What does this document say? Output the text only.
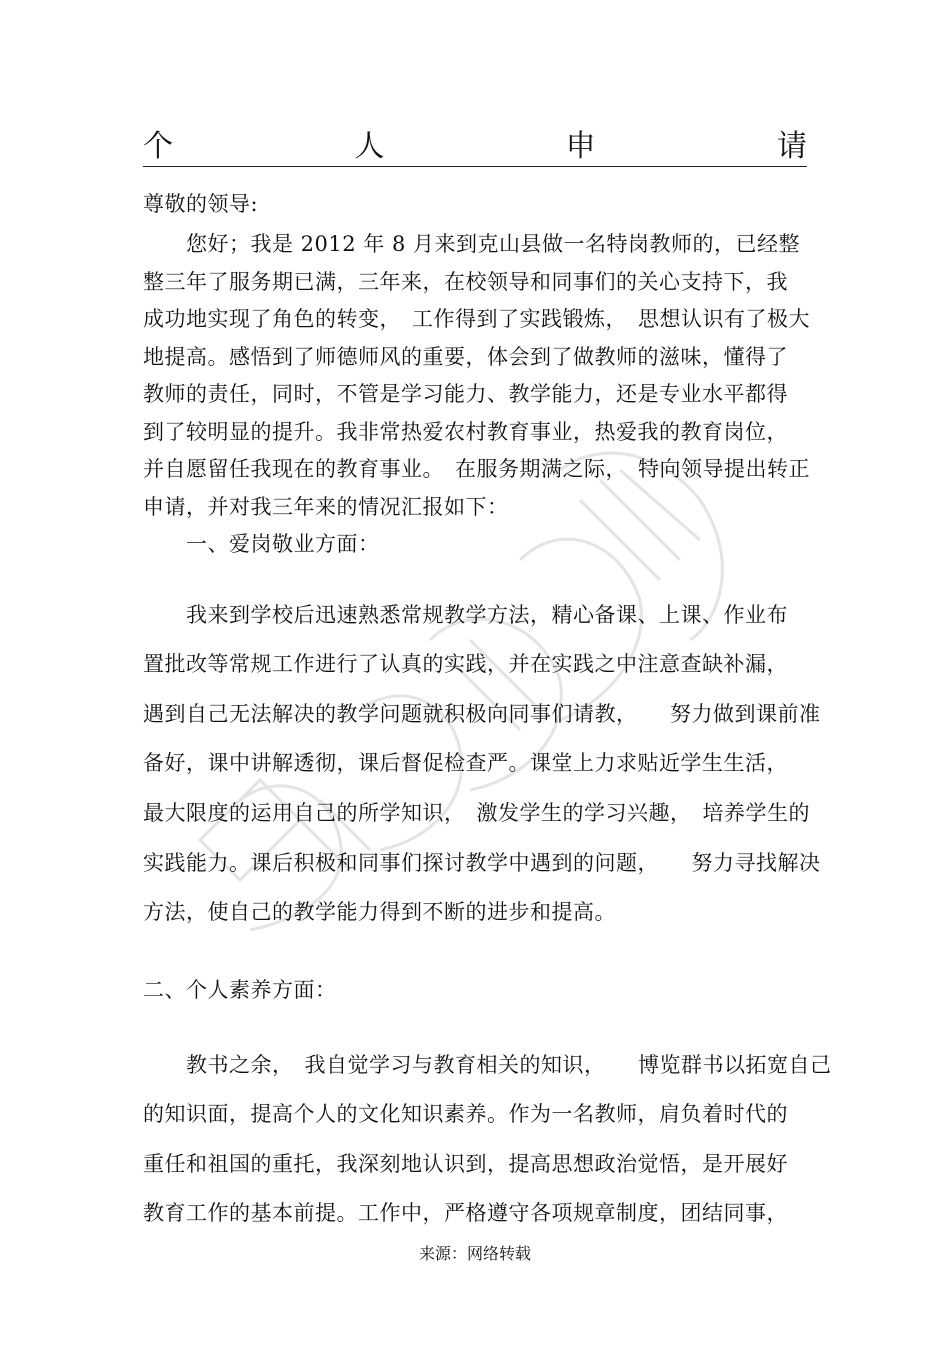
个	人	申	请

尊敬的领导:

　　您好；我是 2012 年 8 月来到克山县做一名特岗教师的，已经整

整三年了服务期已满，三年来，在校领导和同事们的关心支持下，我

成功地实现了角色的转变，　工作得到了实践锻炼，　思想认识有了极大

地提高。感悟到了师德师风的重要，体会到了做教师的滋味，懂得了

教师的责任，同时，不管是学习能力、教学能力，还是专业水平都得

到了较明显的提升。我非常热爱农村教育事业，热爱我的教育岗位，

并自愿留任我现在的教育事业。　在服务期满之际，　特向领导提出转正

申请，并对我三年来的情况汇报如下：

　　一、爱岗敬业方面：

　　我来到学校后迅速熟悉常规教学方法，精心备课、上课、作业布

置批改等常规工作进行了认真的实践，并在实践之中注意查缺补漏，

遇到自己无法解决的教学问题就积极向同事们请教，　　努力做到课前准

备好，课中讲解透彻，课后督促检查严。课堂上力求贴近学生生活，

最大限度的运用自己的所学知识，　激发学生的学习兴趣，　培养学生的

实践能力。课后积极和同事们探讨教学中遇到的问题，　　努力寻找解决

方法，使自己的教学能力得到不断的进步和提高。

二、个人素养方面：

　　教书之余，　我自觉学习与教育相关的知识，　　博览群书以拓宽自己

的知识面，提高个人的文化知识素养。作为一名教师，肩负着时代的

重任和祖国的重托，我深刻地认识到，提高思想政治觉悟，是开展好

教育工作的基本前提。工作中，严格遵守各项规章制度，团结同事，

来源：网络转载
